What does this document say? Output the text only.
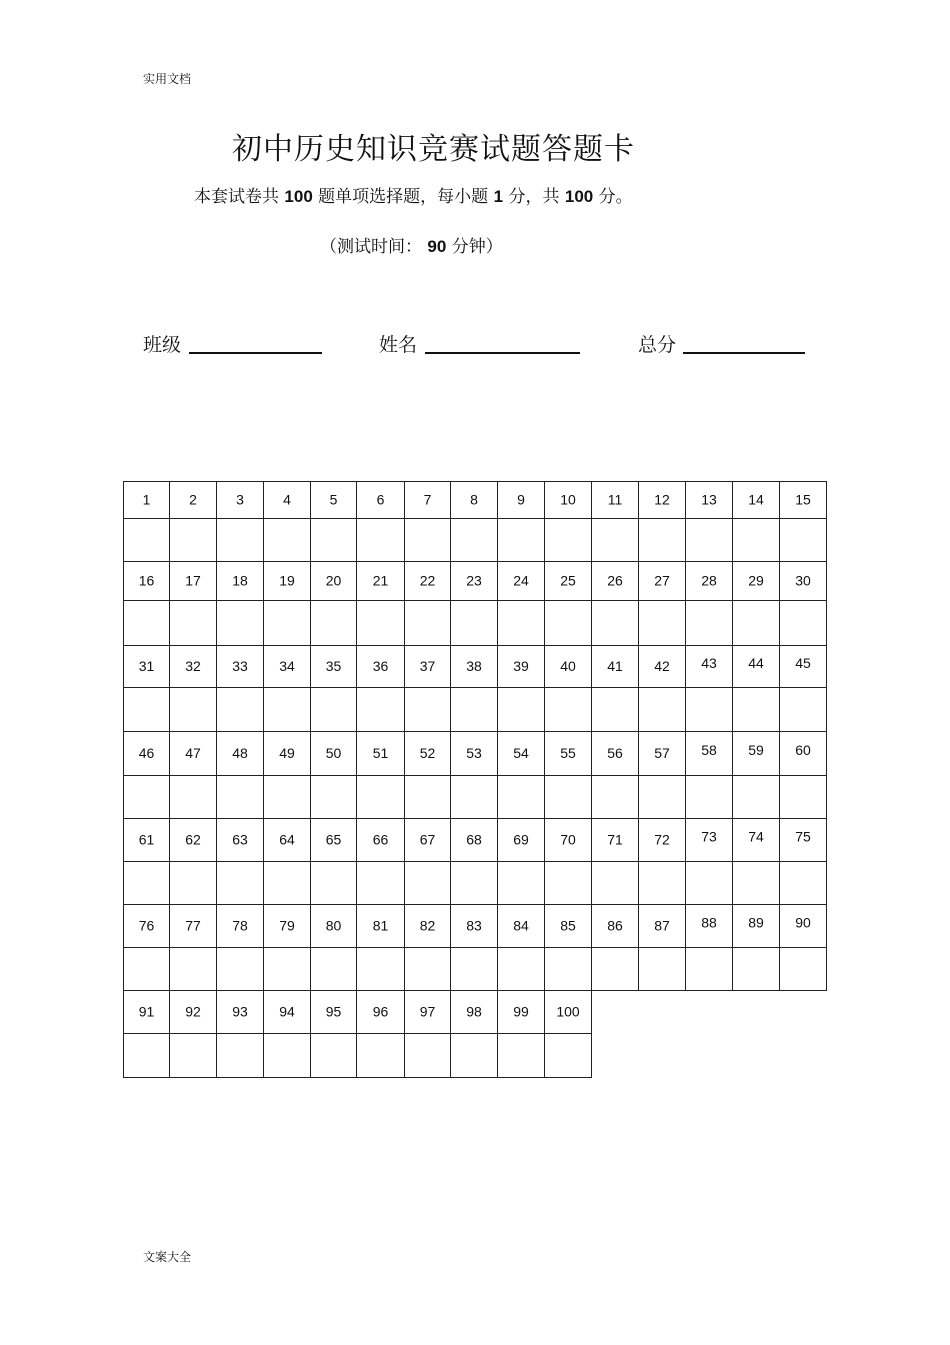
实用文档
初中历史知识竞赛试题答题卡
本套试卷共 100 题单项选择题，每小题 1 分，共 100 分。
（测试时间： 90 分钟）
班级	姓名	总分
1	2	3	4	5	6	7	8	9	10 11 12 13 14 15
16 17 18 19 20 21 22 23 24 25 26 27 28 29 30
31 32 33 34 35 36 37 38 39 40 41 42 43 44 45
46 47 48 49 50 51 52 53 54 55 56 57 58 59 60
61 62 63 64 65 66 67 68 69 70 71 72 73 74 75
76 77 78 79 80 81 82 83 84 85 86 87 88 89 90
91 92 93 94 95 96 97 98 99 100
文案大全
